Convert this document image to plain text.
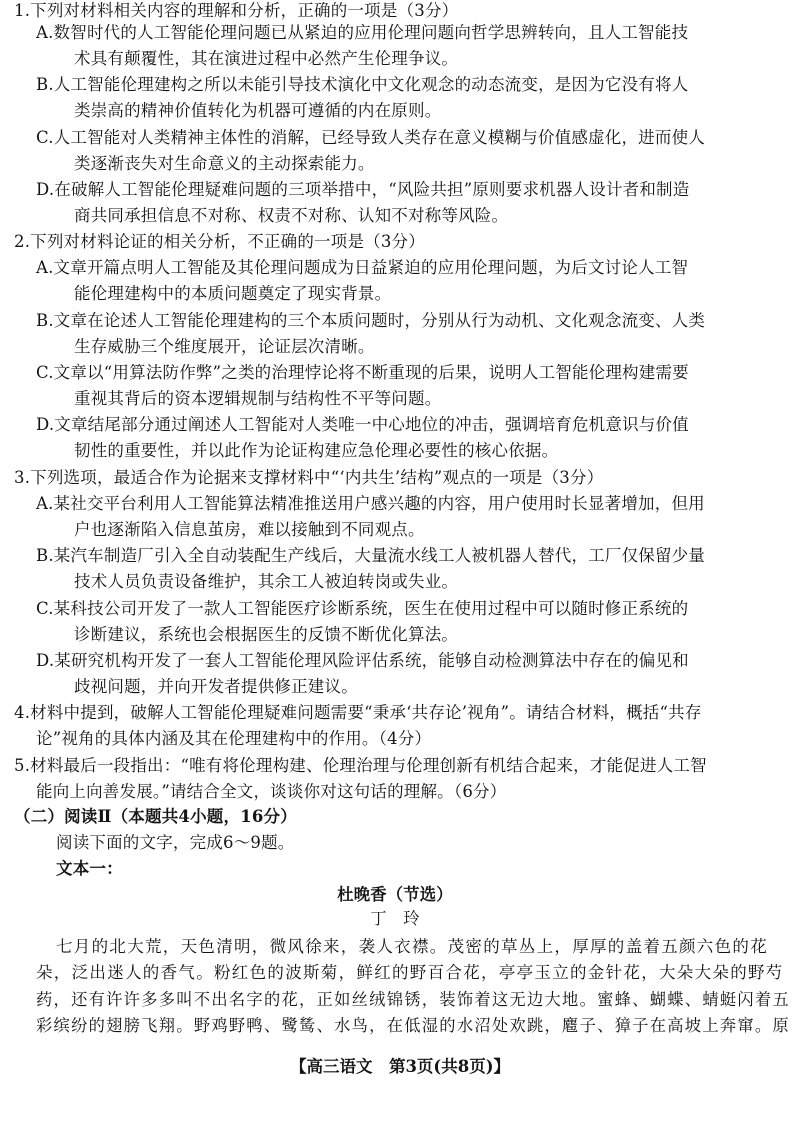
1.下列对材料相关内容的理解和分析，正确的一项是（3分）
A.数智时代的人工智能伦理问题已从紧迫的应用伦理问题向哲学思辨转向，且人工智能技
术具有颠覆性，其在演进过程中必然产生伦理争议。
B.人工智能伦理建构之所以未能引导技术演化中文化观念的动态流变，是因为它没有将人
类崇高的精神价值转化为机器可遵循的内在原则。
C.人工智能对人类精神主体性的消解，已经导致人类存在意义模糊与价值感虚化，进而使人
类逐渐丧失对生命意义的主动探索能力。
D.在破解人工智能伦理疑难问题的三项举措中，“风险共担”原则要求机器人设计者和制造
商共同承担信息不对称、权责不对称、认知不对称等风险。
2.下列对材料论证的相关分析，不正确的一项是（3分）
A.文章开篇点明人工智能及其伦理问题成为日益紧迫的应用伦理问题，为后文讨论人工智
能伦理建构中的本质问题奠定了现实背景。
B.文章在论述人工智能伦理建构的三个本质问题时，分别从行为动机、文化观念流变、人类
生存威胁三个维度展开，论证层次清晰。
C.文章以“用算法防作弊”之类的治理悖论将不断重现的后果，说明人工智能伦理构建需要
重视其背后的资本逻辑规制与结构性不平等问题。
D.文章结尾部分通过阐述人工智能对人类唯一中心地位的冲击，强调培育危机意识与价值
韧性的重要性，并以此作为论证构建应急伦理必要性的核心依据。
3.下列选项，最适合作为论据来支撑材料中“‘内共生’结构”观点的一项是（3分）
A.某社交平台利用人工智能算法精准推送用户感兴趣的内容，用户使用时长显著增加，但用
户也逐渐陷入信息茧房，难以接触到不同观点。
B.某汽车制造厂引入全自动装配生产线后，大量流水线工人被机器人替代，工厂仅保留少量
技术人员负责设备维护，其余工人被迫转岗或失业。
C.某科技公司开发了一款人工智能医疗诊断系统，医生在使用过程中可以随时修正系统的
诊断建议，系统也会根据医生的反馈不断优化算法。
D.某研究机构开发了一套人工智能伦理风险评估系统，能够自动检测算法中存在的偏见和
歧视问题，并向开发者提供修正建议。
4.材料中提到，破解人工智能伦理疑难问题需要“秉承‘共存论’视角”。请结合材料，概括“共存
论”视角的具体内涵及其在伦理建构中的作用。（4分）
5.材料最后一段指出：“唯有将伦理构建、伦理治理与伦理创新有机结合起来，才能促进人工智
能向上向善发展。”请结合全文，谈谈你对这句话的理解。（6分）
（二）阅读Ⅱ（本题共4小题，16分）
阅读下面的文字，完成6～9题。
文本一：
杜晚香（节选）
丁　玲
七月的北大荒，天色清明，微风徐来，袭人衣襟。茂密的草丛上，厚厚的盖着五颜六色的花
朵，泛出迷人的香气。粉红色的波斯菊，鲜红的野百合花，亭亭玉立的金针花，大朵大朵的野芍
药，还有许许多多叫不出名字的花，正如丝绒锦锈，装饰着这无边大地。蜜蜂、蝴蝶、蜻蜓闪着五
彩缤纷的翅膀飞翔。野鸡野鸭、鹭鸶、水鸟，在低湿的水沼处欢跳，麅子、獐子在高坡上奔窜。原
【高三语文　第3页(共8页)】
